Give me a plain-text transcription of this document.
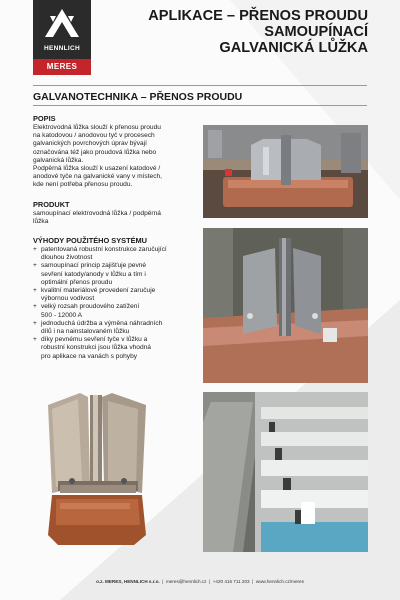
HENNLICH
MERES
APLIKACE – PŘENOS PROUDU
SAMOUPÍNACÍ
GALVANICKÁ LŮŽKA
GALVANOTECHNIKA – PŘENOS PROUDU
POPIS
Elektrovodná lůžka slouží k přenosu proudu
na katodovou / anodovou tyč v procesech
galvanických povrchových úprav bývají
označována též jako proudová lůžka nebo
galvanická lůžka.
Podpěrná lůžka slouží k usazení katodové /
anodové tyče na galvanické vany v místech,
kde není potřeba přenosu proudu.
PRODUKT
samoupínací elektrovodná lůžka / podpěrná
lůžka
VÝHODY POUŽITÉHO SYSTÉMU
+ patentovaná robustní konstrukce zaručující
dlouhou životnost
+ samoupínací princip zajišťuje pevné
sevření katody/anody v lůžku a tím i
optimální přenos proudu
+ kvalitní materiálové provedení zaručuje
výbornou vodivost
+ velký rozsah proudového zatížení
500 - 12000 A
+ jednoduchá údržba a výměna náhradních
dílů i na nainstalovaném lůžku
+ díky pevnému sevření tyče v lůžku a
robustní konstrukci jsou lůžka vhodná
pro aplikace na vanách s pohyby
o.z. MERES, HENNLICH s.r.o. | meres@hennlich.cz | +420 416 711 203 | www.hennlich.cz/meres
